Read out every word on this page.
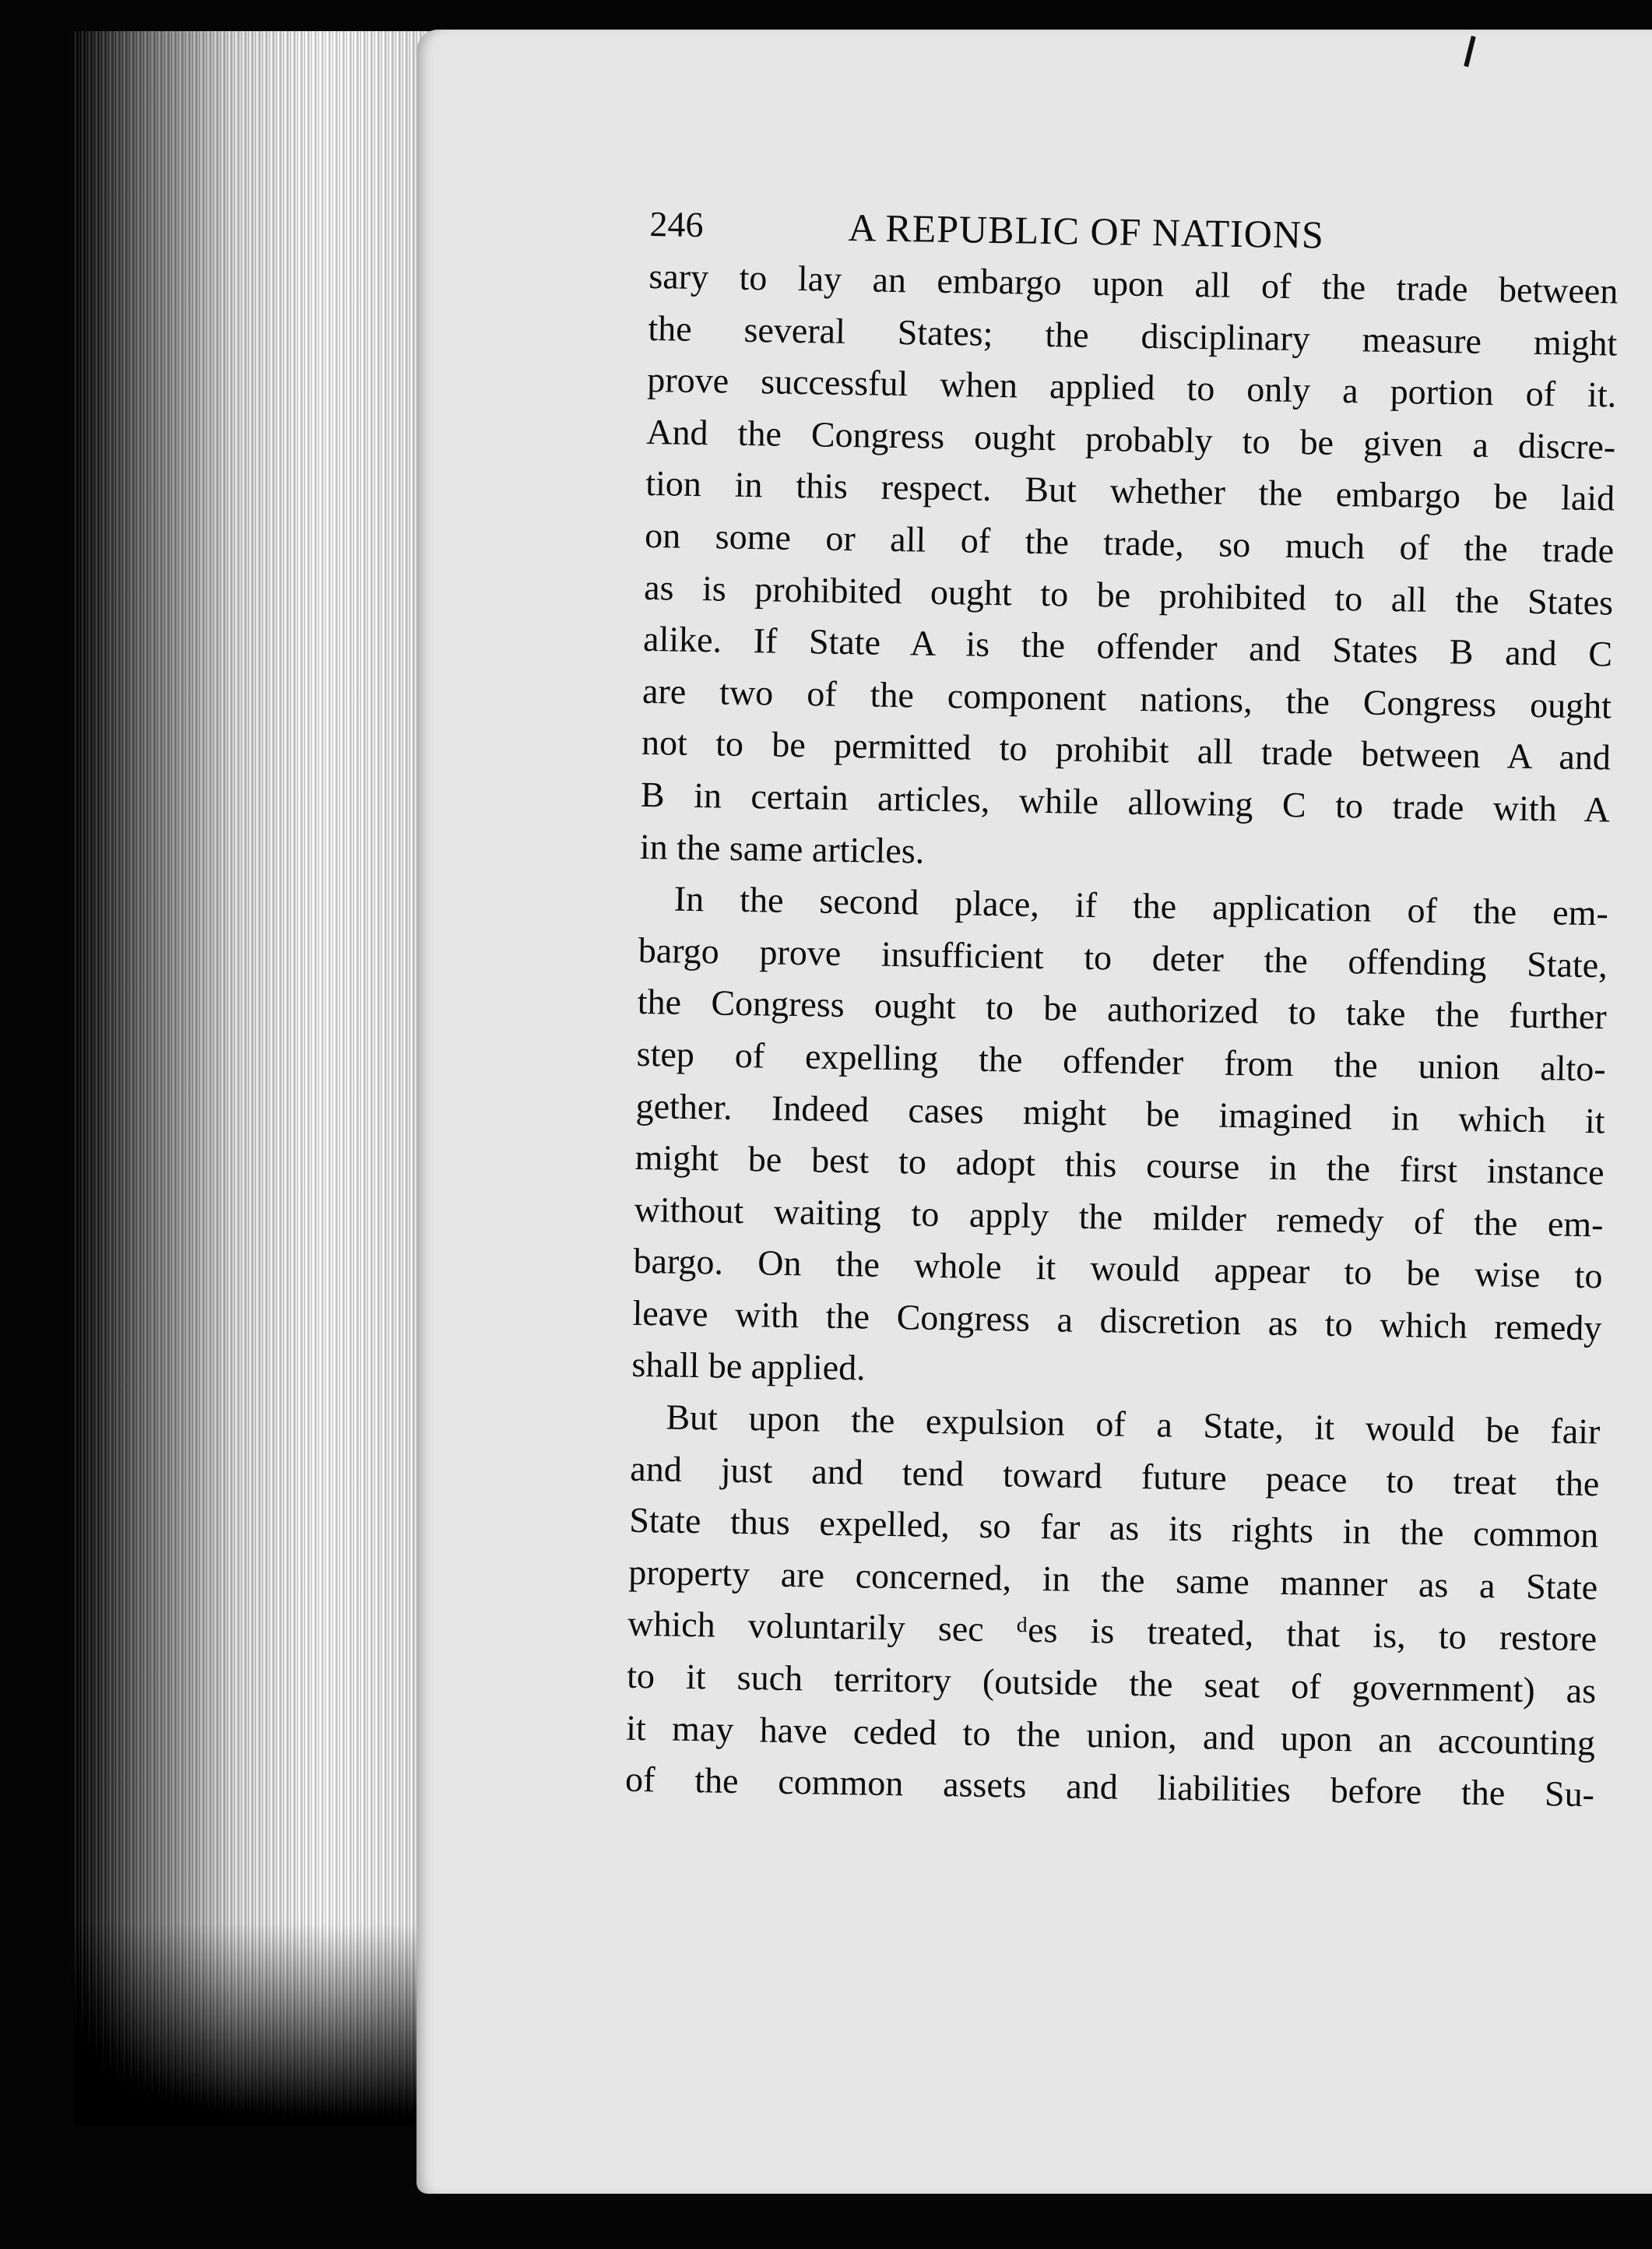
246	A REPUBLIC OF NATIONS
sary to lay an embargo upon all of the trade between
the several States; the disciplinary measure might
prove successful when applied to only a portion of it.
And the Congress ought probably to be given a discre-
tion in this respect. But whether the embargo be laid
on some or all of the trade, so much of the trade
as is prohibited ought to be prohibited to all the States
alike. If State A is the offender and States B and C
are two of the component nations, the Congress ought
not to be permitted to prohibit all trade between A and
B in certain articles, while allowing C to trade with A
in the same articles.
In the second place, if the application of the em-
bargo prove insufficient to deter the offending State,
the Congress ought to be authorized to take the further
step of expelling the offender from the union alto-
gether. Indeed cases might be imagined in which it
might be best to adopt this course in the first instance
without waiting to apply the milder remedy of the em-
bargo. On the whole it would appear to be wise to
leave with the Congress a discretion as to which remedy
shall be applied.
But upon the expulsion of a State, it would be fair
and just and tend toward future peace to treat the
State thus expelled, so far as its rights in the common
property are concerned, in the same manner as a State
which voluntarily sec ᵈes is treated, that is, to restore
to it such territory (outside the seat of government) as
it may have ceded to the union, and upon an accounting
of the common assets and liabilities before the Su-
